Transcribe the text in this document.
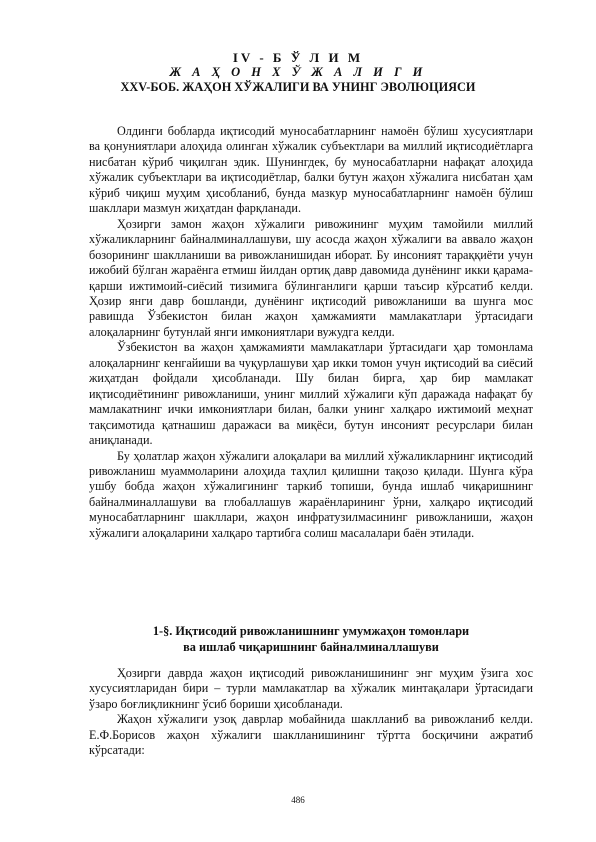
IV - Б Ў Л И М
Ж А Ҳ О Н Х Ў Ж А Л И Г И
XXV-БОБ. ЖАҲОН ХЎЖАЛИГИ ВА УНИНГ ЭВОЛЮЦИЯСИ

Олдинги бобларда иқтисодий муносабатларнинг намоён бўлиш хусусиятлари ва қонуниятлари алоҳида олинган хўжалик субъектлари ва миллий иқтисодиётларга нисбатан кўриб чиқилган эдик. Шунингдек, бу муносабатларни нафақат алоҳида хўжалик субъектлари ва иқтисодиётлар, балки бутун жаҳон хўжалига нисбатан ҳам кўриб чиқиш муҳим ҳисобланиб, бунда мазкур муносабатларнинг намоён бўлиш шакллари мазмун жиҳатдан фарқланади.

Ҳозирги замон жаҳон хўжалиги ривожининг муҳим тамойили миллий хўжаликларнинг байналминаллашуви, шу асосда жаҳон хўжалиги ва аввало жаҳон бозорининг шаклланиши ва ривожланишидан иборат. Бу инсоният тараққиёти учун ижобий бўлган жараёнга етмиш йилдан ортиқ давр давомида дунёнинг икки қарама-қарши ижтимоий-сиёсий тизимига бўлинганлиги қарши таъсир кўрсатиб келди. Ҳозир янги давр бошланди, дунёнинг иқтисодий ривожланиши ва шунга мос равишда Ўзбекистон билан жаҳон ҳамжамияти мамлакатлари ўртасидаги алоқаларнинг бутунлай янги имкониятлари вужудга келди.

Ўзбекистон ва жаҳон ҳамжамияти мамлакатлари ўртасидаги ҳар томонлама алоқаларнинг кенгайиши ва чуқурлашуви ҳар икки томон учун иқтисодий ва сиёсий жиҳатдан фойдали ҳисобланади. Шу билан бирга, ҳар бир мамлакат иқтисодиётининг ривожланиши, унинг миллий хўжалиги кўп даражада нафақат бу мамлакатнинг ички имкониятлари билан, балки унинг халқаро ижтимоий меҳнат тақсимотида қатнашиш даражаси ва миқёси, бутун инсоният ресурслари билан аниқланади.

Бу ҳолатлар жаҳон хўжалиги алоқалари ва миллий хўжаликларнинг иқтисодий ривожланиш муаммоларини алоҳида таҳлил қилишни тақозо қилади. Шунга кўра ушбу бобда жаҳон хўжалигининг таркиб топиши, бунда ишлаб чиқаришнинг байналминаллашуви ва глобаллашув жараёнларининг ўрни, халқаро иқтисодий муносабатларнинг шакллари, жаҳон инфратузилмасининг ривожланиши, жаҳон хўжалиги алоқаларини халқаро тартибга солиш масалалари баён этилади.

1-§. Иқтисодий ривожланишнинг умумжаҳон томонлари
ва ишлаб чиқаришнинг байналминаллашуви

Ҳозирги даврда жаҳон иқтисодий ривожланишининг энг муҳим ўзига хос хусусиятларидан бири – турли мамлакатлар ва хўжалик минтақалари ўртасидаги ўзаро боғлиқликнинг ўсиб бориши ҳисобланади.

Жаҳон хўжалиги узоқ даврлар мобайнида шаклланиб ва ривожланиб келди. Е.Ф.Борисов жаҳон хўжалиги шаклланишининг тўртта босқичини ажратиб кўрсатади:

486
